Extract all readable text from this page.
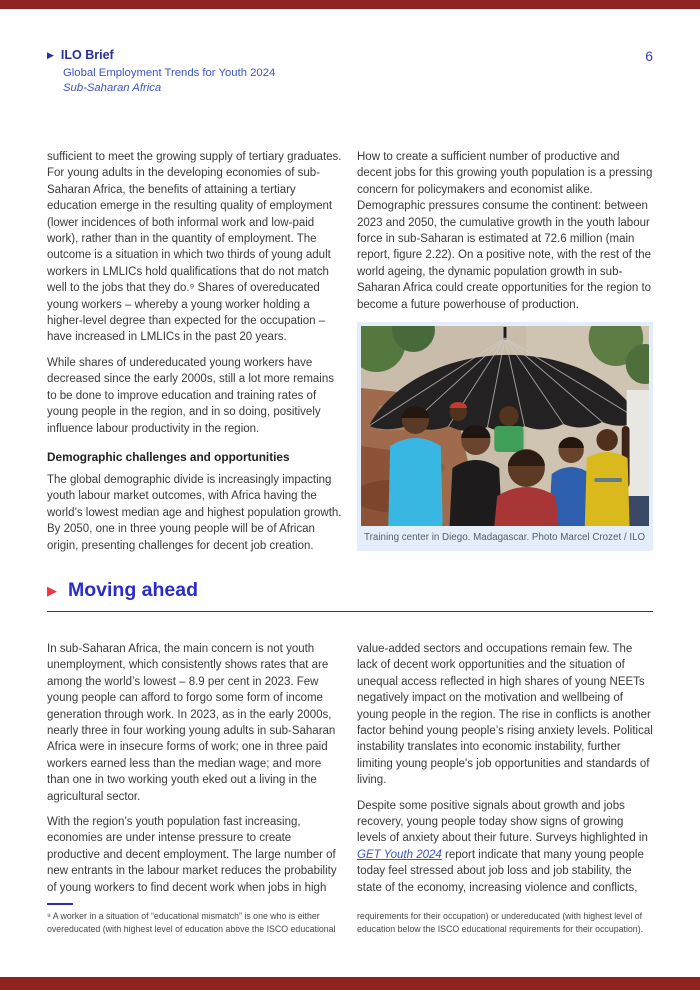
▶ ILO Brief
Global Employment Trends for Youth 2024
Sub-Saharan Africa
6

sufficient to meet the growing supply of tertiary graduates. For young adults in the developing economies of sub-Saharan Africa, the benefits of attaining a tertiary education emerge in the resulting quality of employment (lower incidences of both informal work and low-paid work), rather than in the quantity of employment. The outcome is a situation in which two thirds of young adult workers in LMLICs hold qualifications that do not match well to the jobs that they do.⁹ Shares of overeducated young workers – whereby a young worker holding a higher-level degree than expected for the occupation – have increased in LMLICs in the past 20 years.

While shares of undereducated young workers have decreased since the early 2000s, still a lot more remains to be done to improve education and training rates of young people in the region, and in so doing, positively influence labour productivity in the region.

Demographic challenges and opportunities

The global demographic divide is increasingly impacting youth labour market outcomes, with Africa having the world’s lowest median age and highest population growth. By 2050, one in three young people will be of African origin, presenting challenges for decent job creation.

How to create a sufficient number of productive and decent jobs for this growing youth population is a pressing concern for policymakers and economist alike. Demographic pressures consume the continent: between 2023 and 2050, the cumulative growth in the youth labour force in sub-Saharan is estimated at 72.6 million (main report, figure 2.22). On a positive note, with the rest of the world ageing, the dynamic population growth in sub-Saharan Africa could create opportunities for the region to become a future powerhouse of production.

Training center in Diego. Madagascar. Photo Marcel Crozet / ILO
▶ Moving ahead

In sub-Saharan Africa, the main concern is not youth unemployment, which consistently shows rates that are among the world’s lowest – 8.9 per cent in 2023. Few young people can afford to forgo some form of income generation through work. In 2023, as in the early 2000s, nearly three in four working young adults in sub-Saharan Africa were in insecure forms of work; one in three paid workers earned less than the median wage; and more than one in two working youth eked out a living in the agricultural sector.

With the region’s youth population fast increasing, economies are under intense pressure to create productive and decent employment. The large number of new entrants in the labour market reduces the probability of young workers to find decent work when jobs in high

value-added sectors and occupations remain few. The lack of decent work opportunities and the situation of unequal access reflected in high shares of young NEETs negatively impact on the motivation and wellbeing of young people in the region. The rise in conflicts is another factor behind young people’s rising anxiety levels. Political instability translates into economic instability, further limiting young people's job opportunities and standards of living.

Despite some positive signals about growth and jobs recovery, young people today show signs of growing levels of anxiety about their future. Surveys highlighted in GET Youth 2024 report indicate that many young people today feel stressed about job loss and job stability, the state of the economy, increasing violence and conflicts,

⁹ A worker in a situation of “educational mismatch” is one who is either overeducated (with highest level of education above the ISCO educational

requirements for their occupation) or undereducated (with highest level of education below the ISCO educational requirements for their occupation).
